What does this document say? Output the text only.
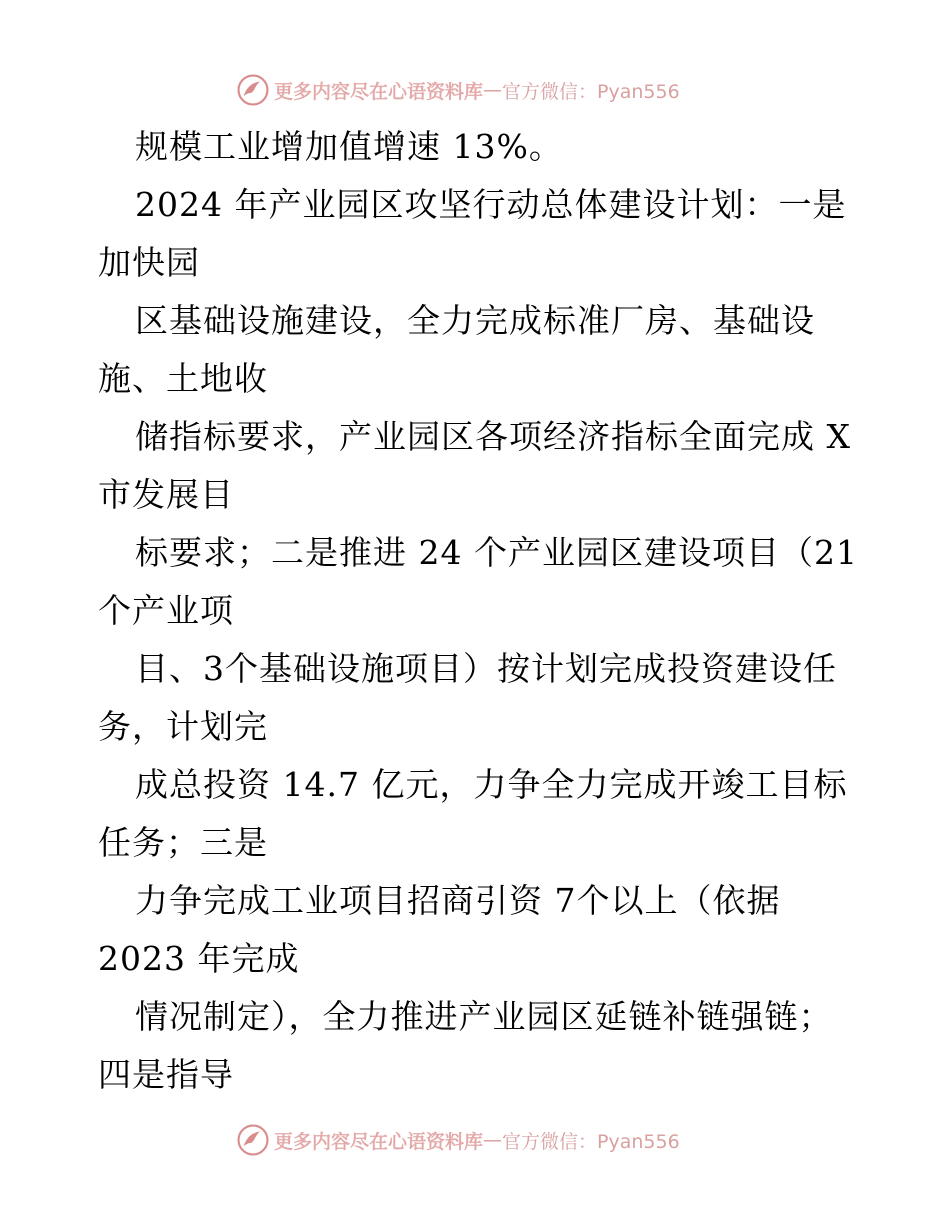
更多内容尽在心语资料库 — 官方微信：Pyan556
规模工业增加值增速 13%。
2024 年产业园区攻坚行动总体建设计划：一是
加快园
区基础设施建设，全力完成标准厂房、基础设
施、土地收
储指标要求，产业园区各项经济指标全面完成 X
市发展目
标要求；二是推进 24 个产业园区建设项目（21
个产业项
目、3个基础设施项目）按计划完成投资建设任
务，计划完
成总投资 14.7 亿元，力争全力完成开竣工目标
任务；三是
力争完成工业项目招商引资 7个以上（依据
2023 年完成
情况制定），全力推进产业园区延链补链强链；
四是指导
更多内容尽在心语资料库 — 官方微信：Pyan556
